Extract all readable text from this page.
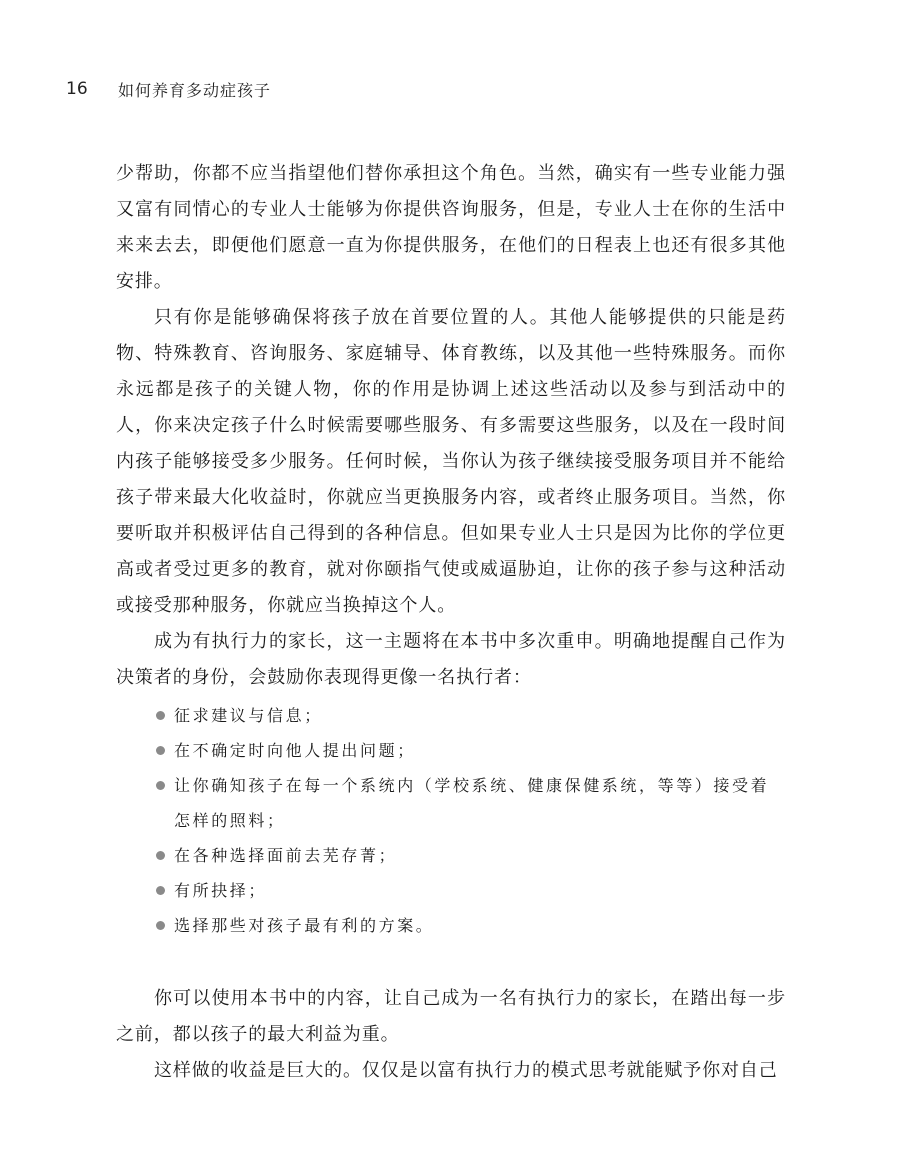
16	如何养育多动症孩子

少帮助，你都不应当指望他们替你承担这个角色。当然，确实有一些专业能力强又富有同情心的专业人士能够为你提供咨询服务，但是，专业人士在你的生活中来来去去，即便他们愿意一直为你提供服务，在他们的日程表上也还有很多其他安排。

只有你是能够确保将孩子放在首要位置的人。其他人能够提供的只能是药物、特殊教育、咨询服务、家庭辅导、体育教练，以及其他一些特殊服务。而你永远都是孩子的关键人物，你的作用是协调上述这些活动以及参与到活动中的人，你来决定孩子什么时候需要哪些服务、有多需要这些服务，以及在一段时间内孩子能够接受多少服务。任何时候，当你认为孩子继续接受服务项目并不能给孩子带来最大化收益时，你就应当更换服务内容，或者终止服务项目。当然，你要听取并积极评估自己得到的各种信息。但如果专业人士只是因为比你的学位更高或者受过更多的教育，就对你颐指气使或威逼胁迫，让你的孩子参与这种活动或接受那种服务，你就应当换掉这个人。

成为有执行力的家长，这一主题将在本书中多次重申。明确地提醒自己作为决策者的身份，会鼓励你表现得更像一名执行者：

征求建议与信息；
在不确定时向他人提出问题；
让你确知孩子在每一个系统内（学校系统、健康保健系统，等等）接受着怎样的照料；
在各种选择面前去芜存菁；
有所抉择；
选择那些对孩子最有利的方案。

你可以使用本书中的内容，让自己成为一名有执行力的家长，在踏出每一步之前，都以孩子的最大利益为重。

这样做的收益是巨大的。仅仅是以富有执行力的模式思考就能赋予你对自己
